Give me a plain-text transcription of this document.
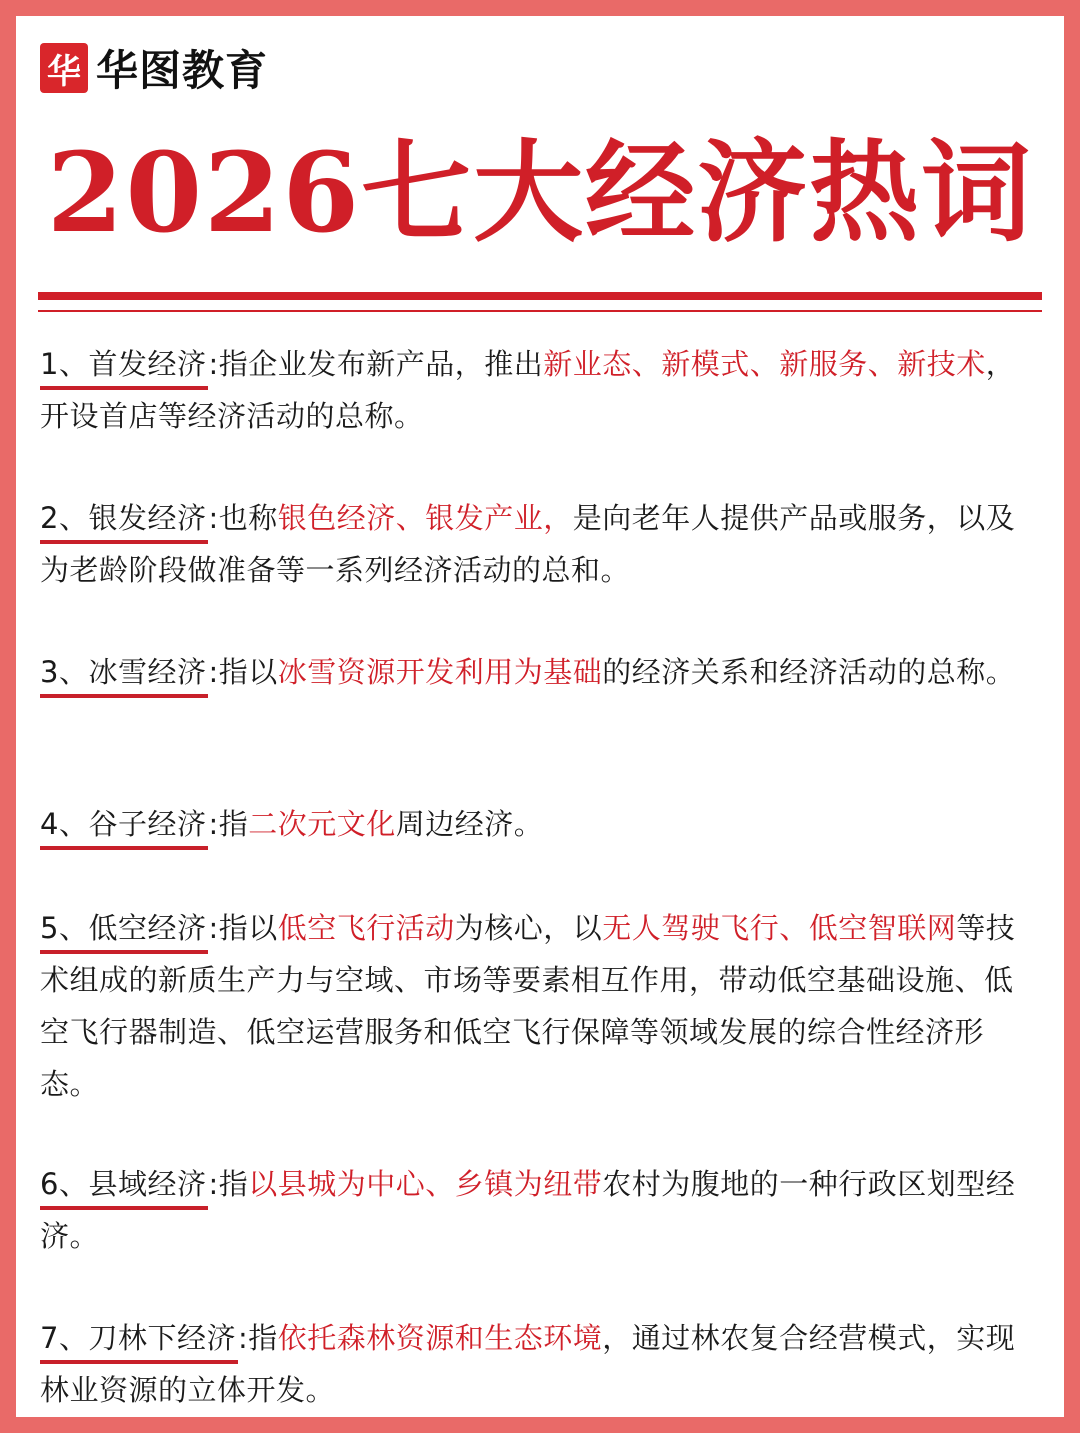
华 华图教育
2026七大经济热词
1、首发经济:指企业发布新产品，推出新业态、新模式、新服务、新技术，开设首店等经济活动的总称。
2、银发经济:也称银色经济、银发产业，是向老年人提供产品或服务，以及为老龄阶段做准备等一系列经济活动的总和。
3、冰雪经济:指以冰雪资源开发利用为基础的经济关系和经济活动的总称。
4、谷子经济:指二次元文化周边经济。
5、低空经济:指以低空飞行活动为核心，以无人驾驶飞行、低空智联网等技术组成的新质生产力与空域、市场等要素相互作用，带动低空基础设施、低空飞行器制造、低空运营服务和低空飞行保障等领域发展的综合性经济形态。
6、县域经济:指以县城为中心、乡镇为纽带农村为腹地的一种行政区划型经济。
7、刀林下经济:指依托森林资源和生态环境，通过林农复合经营模式，实现林业资源的立体开发。
